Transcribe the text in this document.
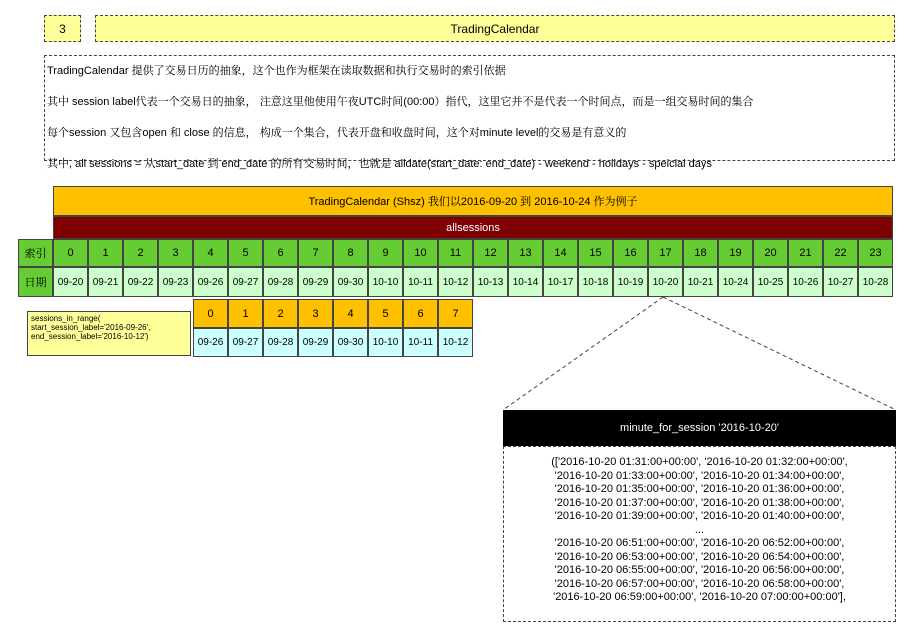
3	TradingCalendar
TradingCalendar 提供了交易日历的抽象，这个也作为框架在读取数据和执行交易时的索引依据
其中 session label代表一个交易日的抽象， 注意这里他使用午夜UTC时间(00:00）指代，这里它并不是代表一个时间点，而是一组交易时间的集合
每个session 又包含open 和 close 的信息， 构成一个集合，代表开盘和收盘时间，这个对minute level的交易是有意义的
其中, all sessions = 从start_date 到 end_date 的所有交易时间，也就是 alldate(start_date: end_date) - weekend - holidays - speiclal days
TradingCalendar (Shsz) 我们以2016-09-20 到 2016-10-24 作为例子
allsessions
索引	0	1	2	3	4	5	6	7	8	9	10	11	12	13	14	15	16	17	18	19	20	21	22	23
日期	09-20 09-21 09-22 09-23 09-26 09-27 09-28 09-29 09-30 10-10 10-11 10-12 10-13 10-14 10-17 10-18 10-19 10-20 10-21 10-24 10-25 10-26 10-27 10-28
sessions_in_range(
start_session_label='2016-09-26',
end_session_label='2016-10-12')
0	1	2	3	4	5	6	7
09-26 09-27 09-28 09-29 09-30 10-10 10-11 10-12
minute_for_session '2016-10-20'
(['2016-10-20 01:31:00+00:00', '2016-10-20 01:32:00+00:00',
'2016-10-20 01:33:00+00:00', '2016-10-20 01:34:00+00:00',
'2016-10-20 01:35:00+00:00', '2016-10-20 01:36:00+00:00',
'2016-10-20 01:37:00+00:00', '2016-10-20 01:38:00+00:00',
'2016-10-20 01:39:00+00:00', '2016-10-20 01:40:00+00:00',
...
'2016-10-20 06:51:00+00:00', '2016-10-20 06:52:00+00:00',
'2016-10-20 06:53:00+00:00', '2016-10-20 06:54:00+00:00',
'2016-10-20 06:55:00+00:00', '2016-10-20 06:56:00+00:00',
'2016-10-20 06:57:00+00:00', '2016-10-20 06:58:00+00:00',
'2016-10-20 06:59:00+00:00', '2016-10-20 07:00:00+00:00'],
